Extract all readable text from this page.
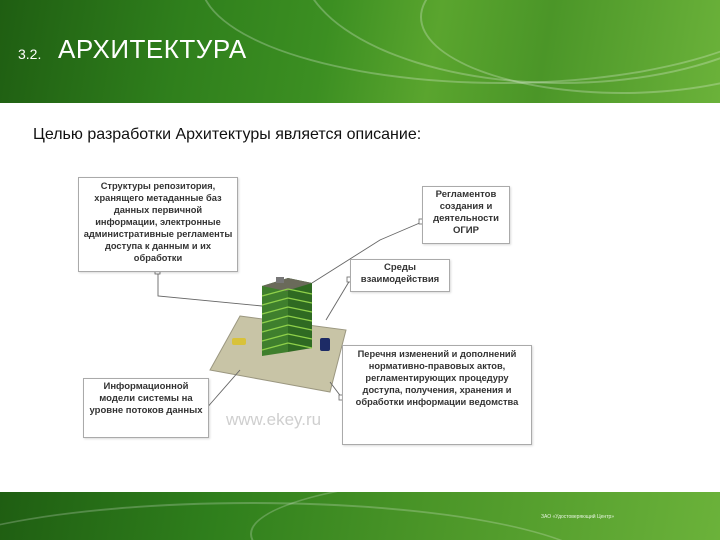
3.2. АРХИТЕКТУРА
Целью разработки Архитектуры является описание:
www.ekey.ru
Структуры репозитория, хранящего метаданные баз данных первичной информации, электронные административные регламенты доступа к данным и их обработки
Регламентов создания и деятельности ОГИР
Среды взаимодействия
Информационной модели системы на уровне потоков данных
Перечня изменений и дополнений нормативно-правовых актов, регламентирующих процедуру доступа, получения, хранения и обработки информации ведомства
ЗАО «Удостоверяющий Центр»
